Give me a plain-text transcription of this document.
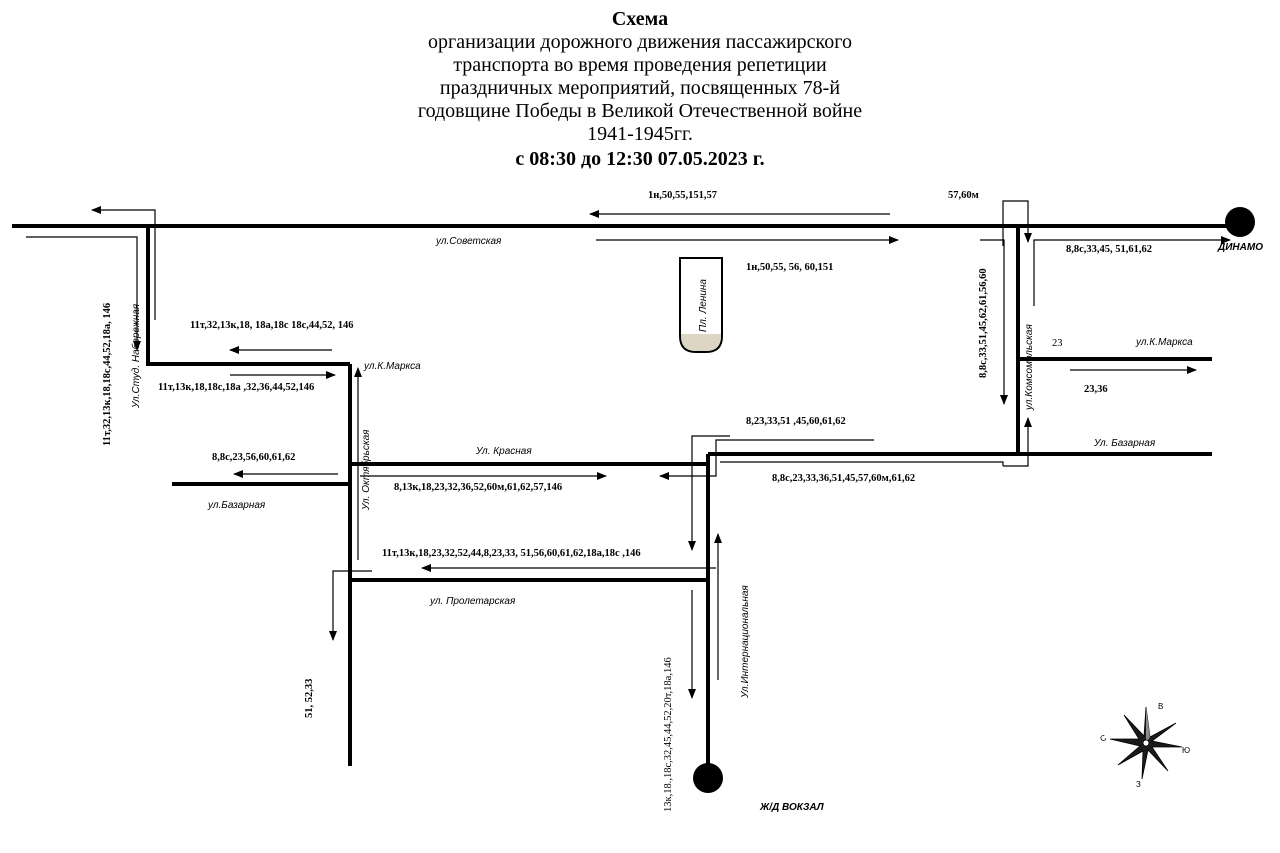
Схема
организации дорожного движения пассажирского
транспорта во время проведения репетиции
праздничных мероприятий, посвященных 78-й
годовщине Победы в Великой Отечественной войне
1941-1945гг.
с 08:30 до 12:30 07.05.2023 г.
ул.Советская
Ул.Студ. Набережная	ул.К.Маркса
Ул. Красная
ул.Базарная	Ул. Октябрьская
ул. Пролетарская	Ул.Интернациональная
ул.Комсомольская	ул.К.Маркса
Ул. Базарная
Пл. Ленина
ДИНАМО
Ж/Д ВОКЗАЛ
1н,50,55,151,57
1н,50,55, 56, 60,151
57,60м
8,8с,33,45, 51,61,62
8,8с,33,51,45,62,61,56,60	23
23,36
11т,32,13к,18,18с,44,52,18а, 146	11т,32,13к,18, 18а,18с 18с,44,52, 146
11т,13к,18,18с,18а ,32,36,44,52,146
8,8с,23,56,60,61,62
8,13к,18,23,32,36,52,60м,61,62,57,146
8,23,33,51 ,45,60,61,62
8,8с,23,33,36,51,45,57,60м,61,62
11т,13к,18,23,32,52,44,8,23,33, 51,56,60,61,62,18а,18с ,146
51, 52,33	13к,18.,18с,32,45,44,52,20т,18а,146	С
В
Ю
З
